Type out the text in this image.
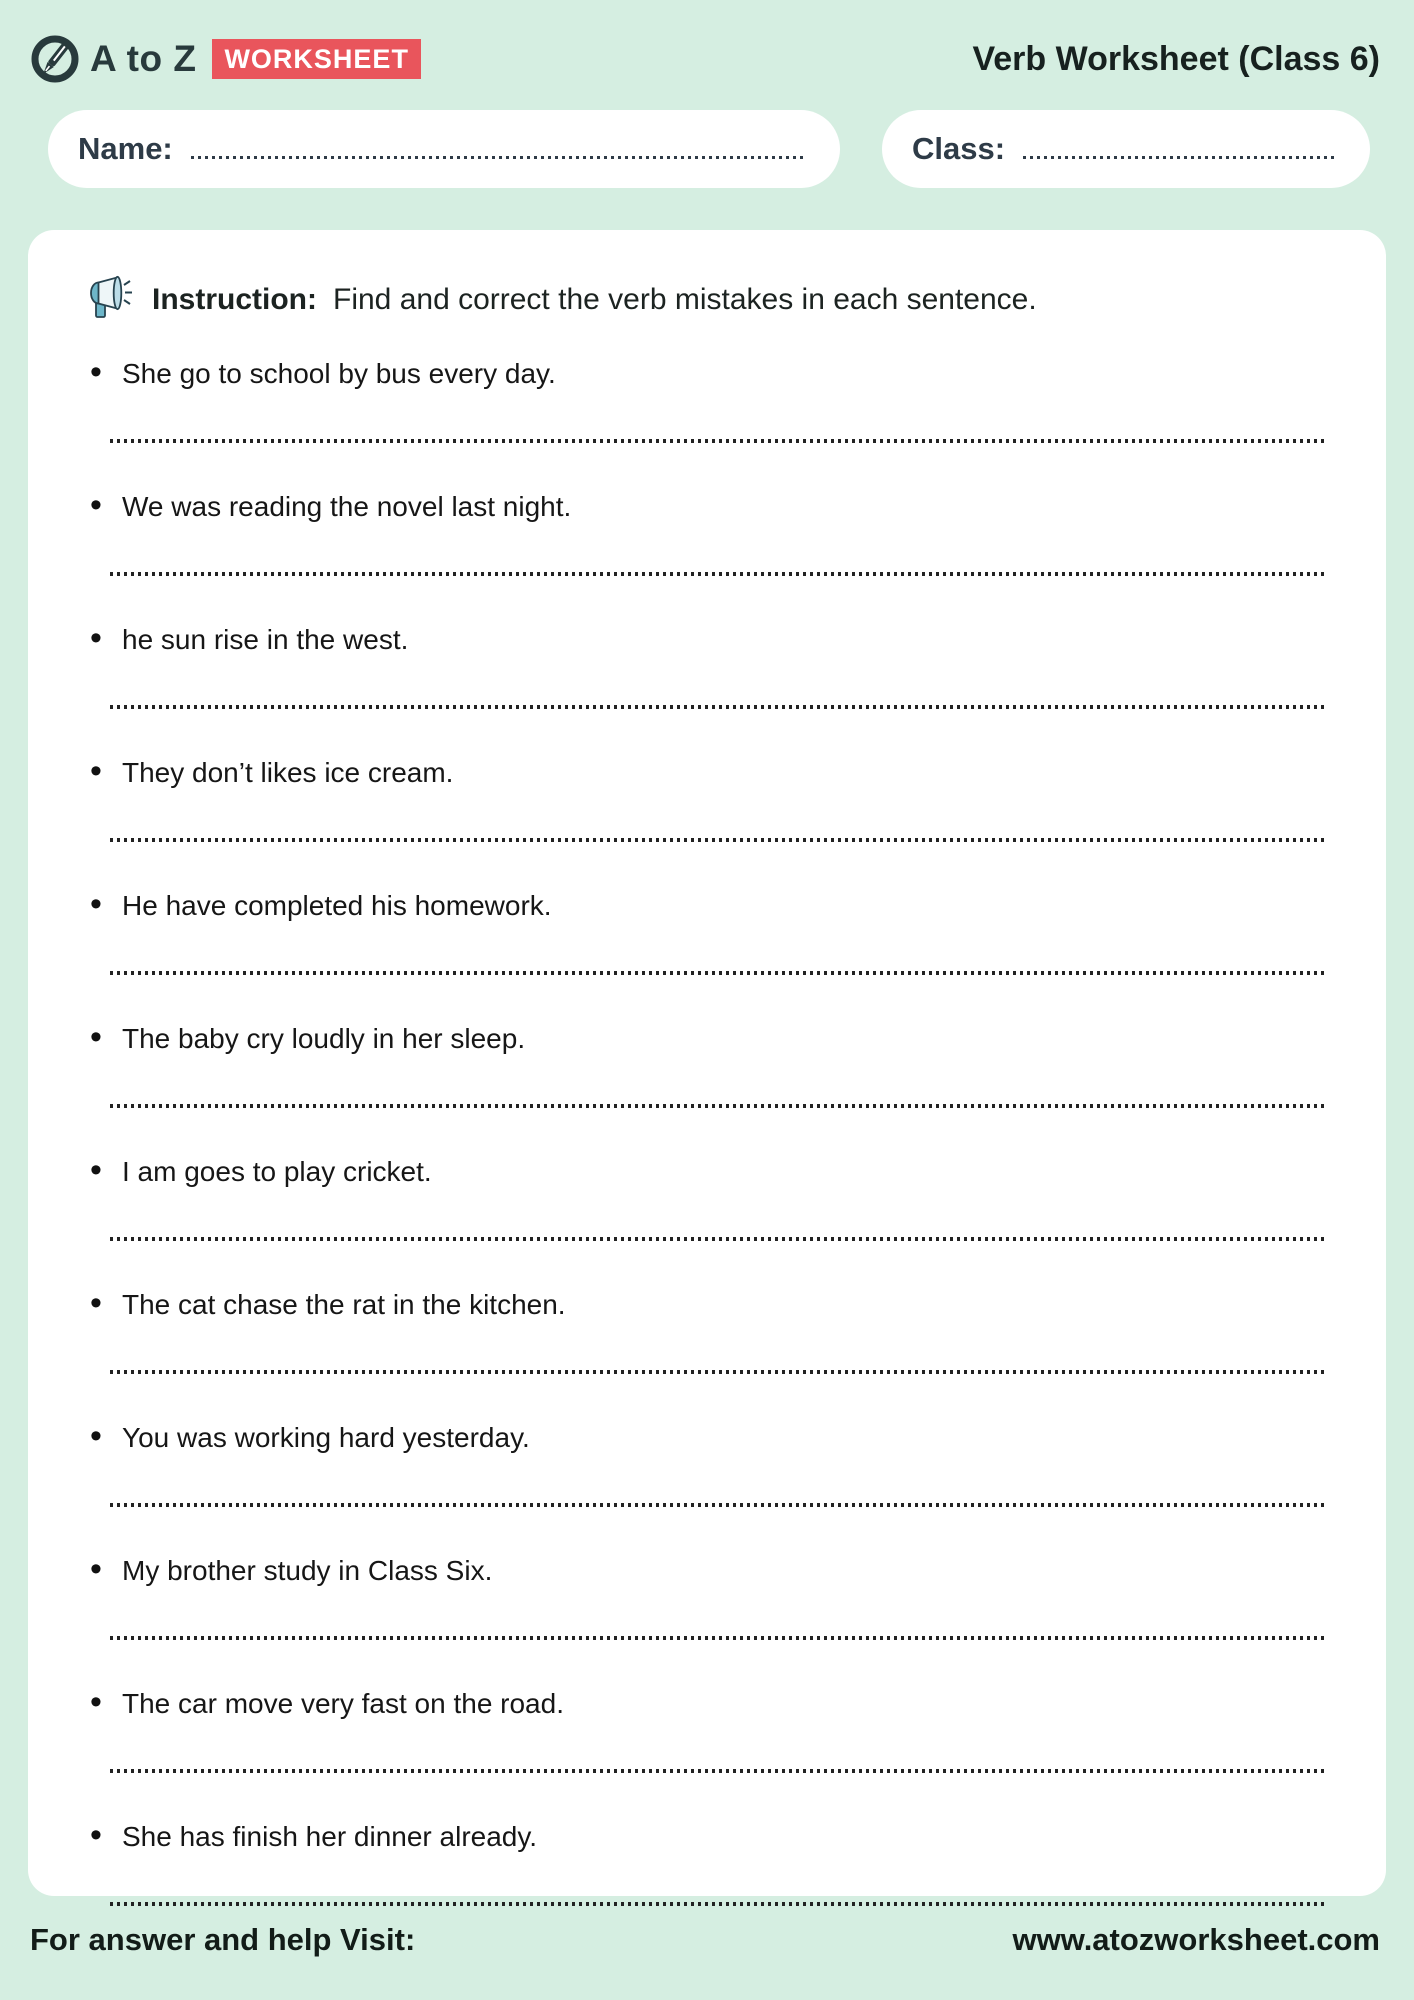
A to Z	WORKSHEET	Verb Worksheet (Class 6)
Name:	Class:
Instruction: Find and correct the verb mistakes in each sentence.
• She go to school by bus every day.
• We was reading the novel last night.
• he sun rise in the west.
• They don’t likes ice cream.
• He have completed his homework.
• The baby cry loudly in her sleep.
• I am goes to play cricket.
• The cat chase the rat in the kitchen.
• You was working hard yesterday.
• My brother study in Class Six.
• The car move very fast on the road.
• She has finish her dinner already.
For answer and help Visit:	www.atozworksheet.com
